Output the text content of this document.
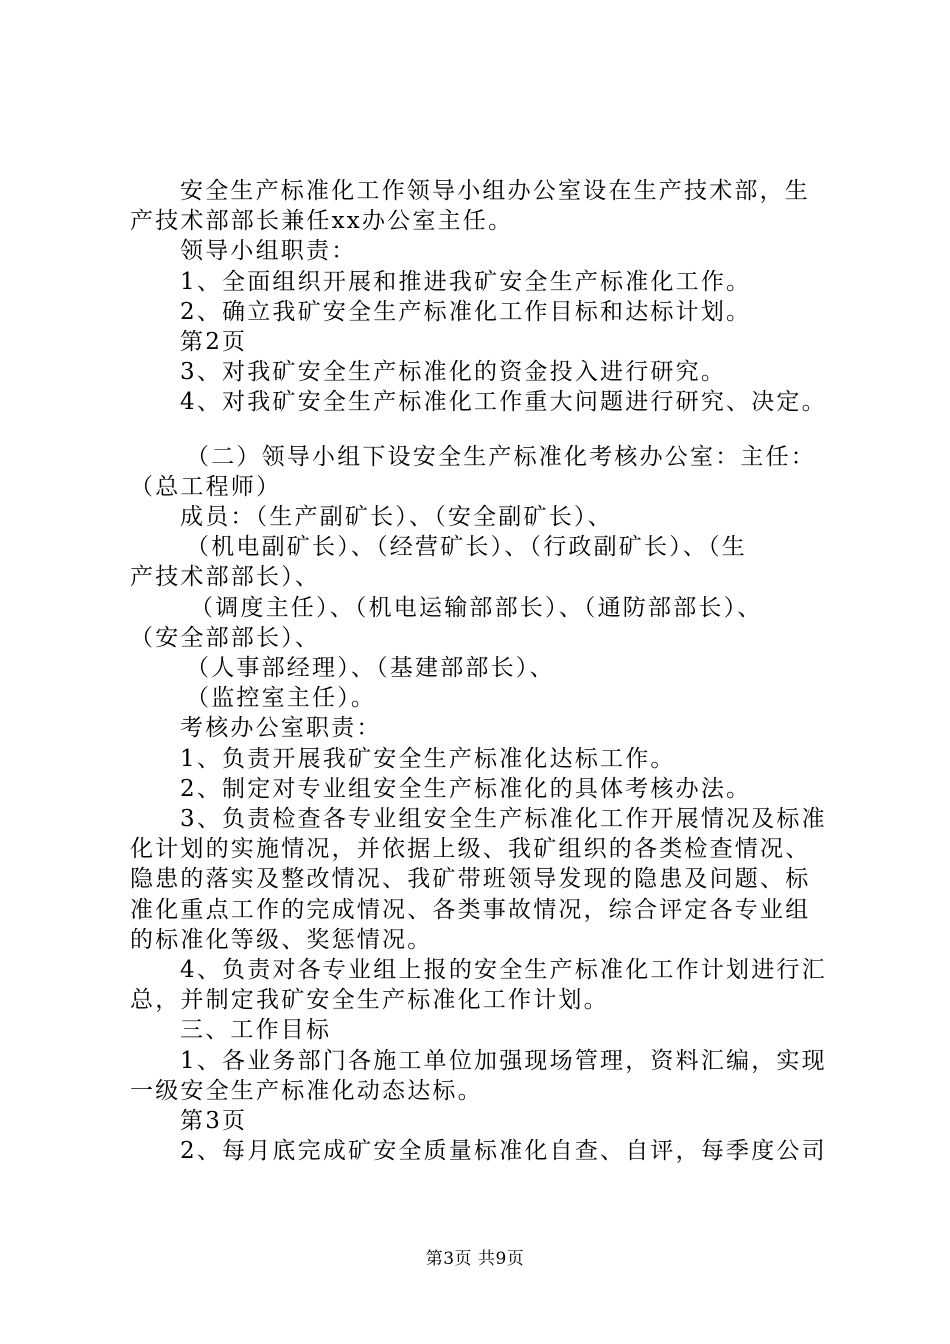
安全生产标准化工作领导小组办公室设在生产技术部，生

产技术部部长兼任xx办公室主任。

领导小组职责：

1、全面组织开展和推进我矿安全生产标准化工作。

2、确立我矿安全生产标准化工作目标和达标计划。

第2页

3、对我矿安全生产标准化的资金投入进行研究。

4、对我矿安全生产标准化工作重大问题进行研究、决定。

（二）领导小组下设安全生产标准化考核办公室：主任：

（总工程师）

成员：（生产副矿长）、（安全副矿长）、

（机电副矿长）、（经营矿长）、（行政副矿长）、（生

产技术部部长）、

（调度主任）、（机电运输部部长）、（通防部部长）、

（安全部部长）、

（人事部经理）、（基建部部长）、

（监控室主任）。

考核办公室职责：

1、负责开展我矿安全生产标准化达标工作。

2、制定对专业组安全生产标准化的具体考核办法。

3、负责检查各专业组安全生产标准化工作开展情况及标准

化计划的实施情况，并依据上级、我矿组织的各类检查情况、

隐患的落实及整改情况、我矿带班领导发现的隐患及问题、标

准化重点工作的完成情况、各类事故情况，综合评定各专业组

的标准化等级、奖惩情况。

4、负责对各专业组上报的安全生产标准化工作计划进行汇

总，并制定我矿安全生产标准化工作计划。

三、工作目标

1、各业务部门各施工单位加强现场管理，资料汇编，实现

一级安全生产标准化动态达标。

第3页

2、每月底完成矿安全质量标准化自查、自评，每季度公司

第3页 共9页
